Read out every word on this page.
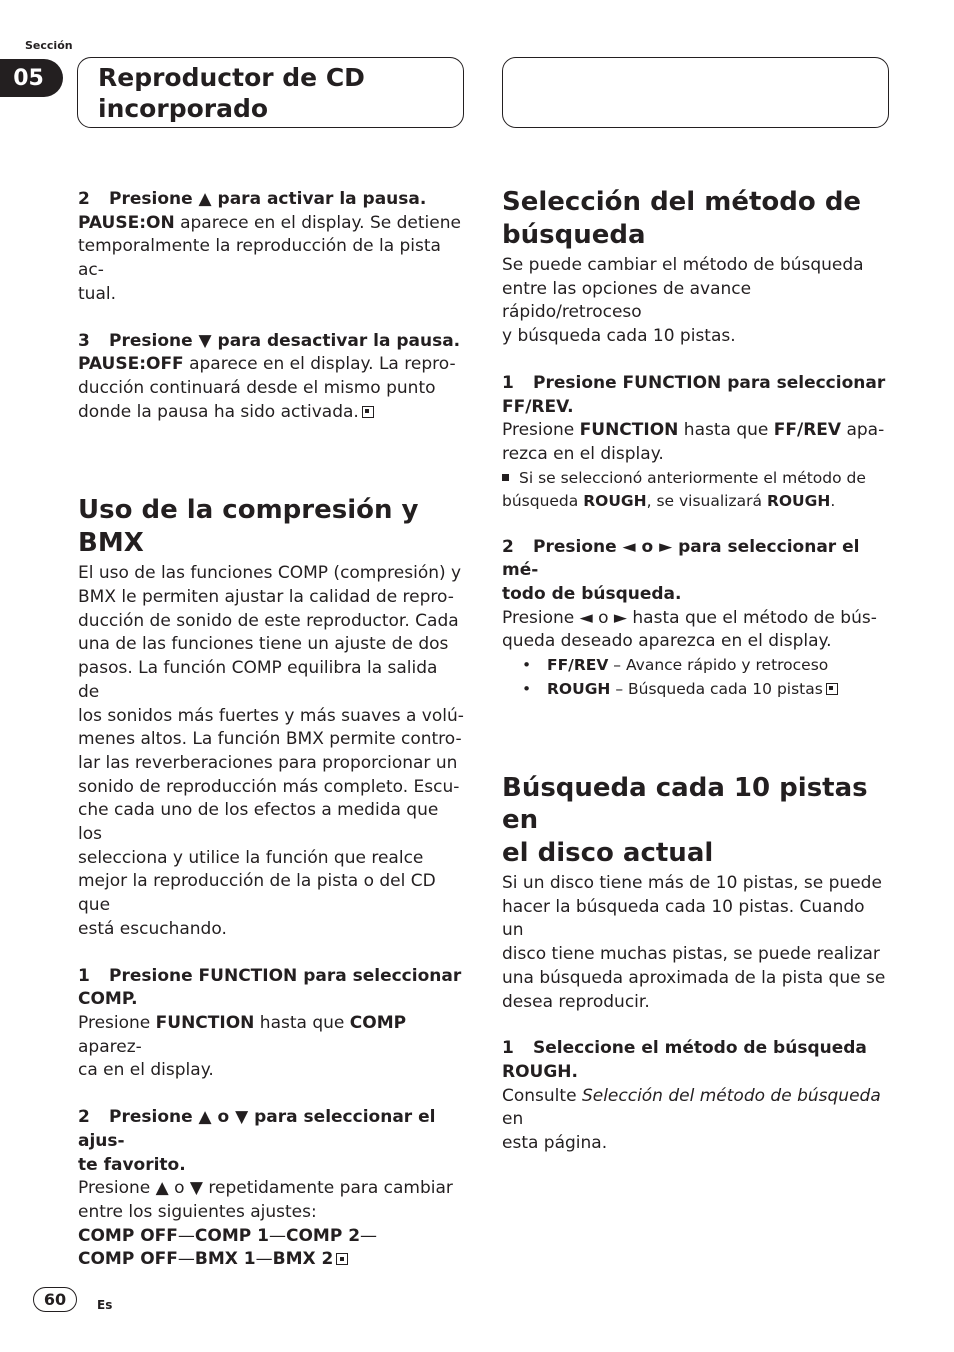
Sección
05	Reproductor de CD
incorporado

2 Presione ▲ para activar la pausa.

PAUSE:ON aparece en el display. Se detiene
temporalmente la reproducción de la pista ac-
tual.

3 Presione ▼ para desactivar la pausa.

PAUSE:OFF aparece en el display. La repro-
ducción continuará desde el mismo punto
donde la pausa ha sido activada.

Uso de la compresión y BMX

El uso de las funciones COMP (compresión) y
BMX le permiten ajustar la calidad de repro-
ducción de sonido de este reproductor. Cada
una de las funciones tiene un ajuste de dos
pasos. La función COMP equilibra la salida de
los sonidos más fuertes y más suaves a volú-
menes altos. La función BMX permite contro-
lar las reverberaciones para proporcionar un
sonido de reproducción más completo. Escu-
che cada uno de los efectos a medida que los
selecciona y utilice la función que realce
mejor la reproducción de la pista o del CD que
está escuchando.

1 Presione FUNCTION para seleccionar
COMP.

Presione FUNCTION hasta que COMP aparez-
ca en el display.

2 Presione ▲ o ▼ para seleccionar el ajus-
te favorito.

Presione ▲ o ▼ repetidamente para cambiar
entre los siguientes ajustes:

COMP OFF—COMP 1—COMP 2—
COMP OFF—BMX 1—BMX 2

Selección del método de
búsqueda

Se puede cambiar el método de búsqueda
entre las opciones de avance rápido/retroceso
y búsqueda cada 10 pistas.

1 Presione FUNCTION para seleccionar
FF/REV.

Presione FUNCTION hasta que FF/REV apa-
rezca en el display.

Si se seleccionó anteriormente el método de
búsqueda ROUGH, se visualizará ROUGH.

2 Presione ◄ o ► para seleccionar el mé-
todo de búsqueda.

Presione ◄ o ► hasta que el método de bús-
queda deseado aparezca en el display.

• FF/REV – Avance rápido y retroceso
• ROUGH – Búsqueda cada 10 pistas
Búsqueda cada 10 pistas en
el disco actual

Si un disco tiene más de 10 pistas, se puede
hacer la búsqueda cada 10 pistas. Cuando un
disco tiene muchas pistas, se puede realizar
una búsqueda aproximada de la pista que se
desea reproducir.

1 Seleccione el método de búsqueda
ROUGH.

Consulte Selección del método de búsqueda en
esta página.

60	Es
